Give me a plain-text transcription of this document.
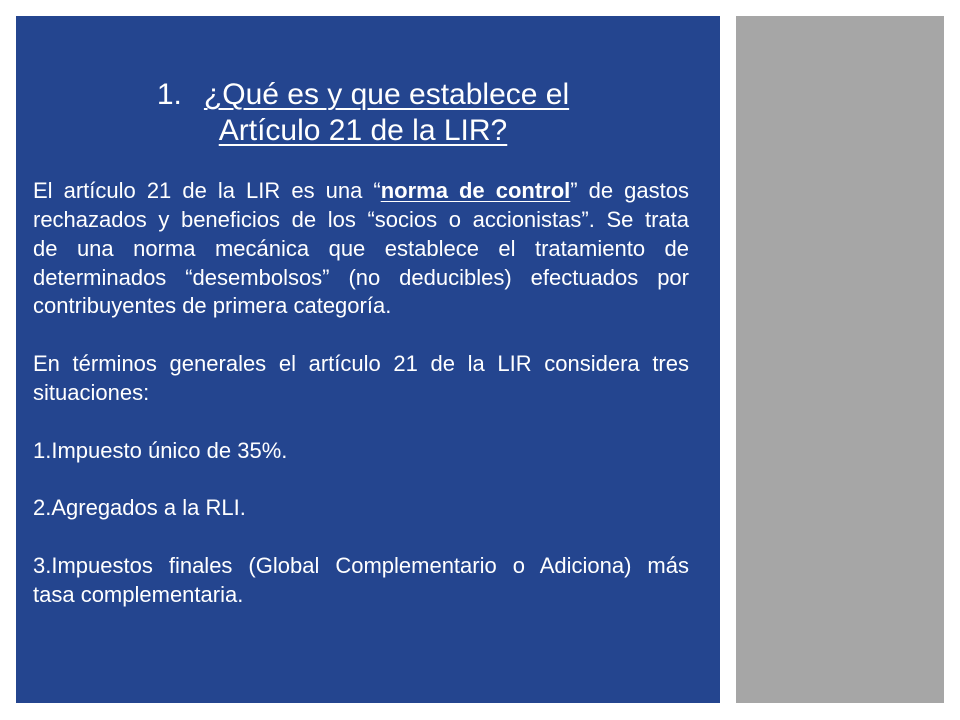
1. ¿Qué es y que establece el
Artículo 21 de la LIR?
El artículo 21 de la LIR es una “norma de control” de gastos
rechazados y beneficios de los “socios o accionistas”. Se trata
de una norma mecánica que establece el tratamiento de
determinados “desembolsos” (no deducibles) efectuados por
contribuyentes de primera categoría.
En términos generales el artículo 21 de la LIR considera tres
situaciones:
1.Impuesto único de 35%.
2.Agregados a la RLI.
3.Impuestos finales (Global Complementario o Adiciona) más
tasa complementaria.
